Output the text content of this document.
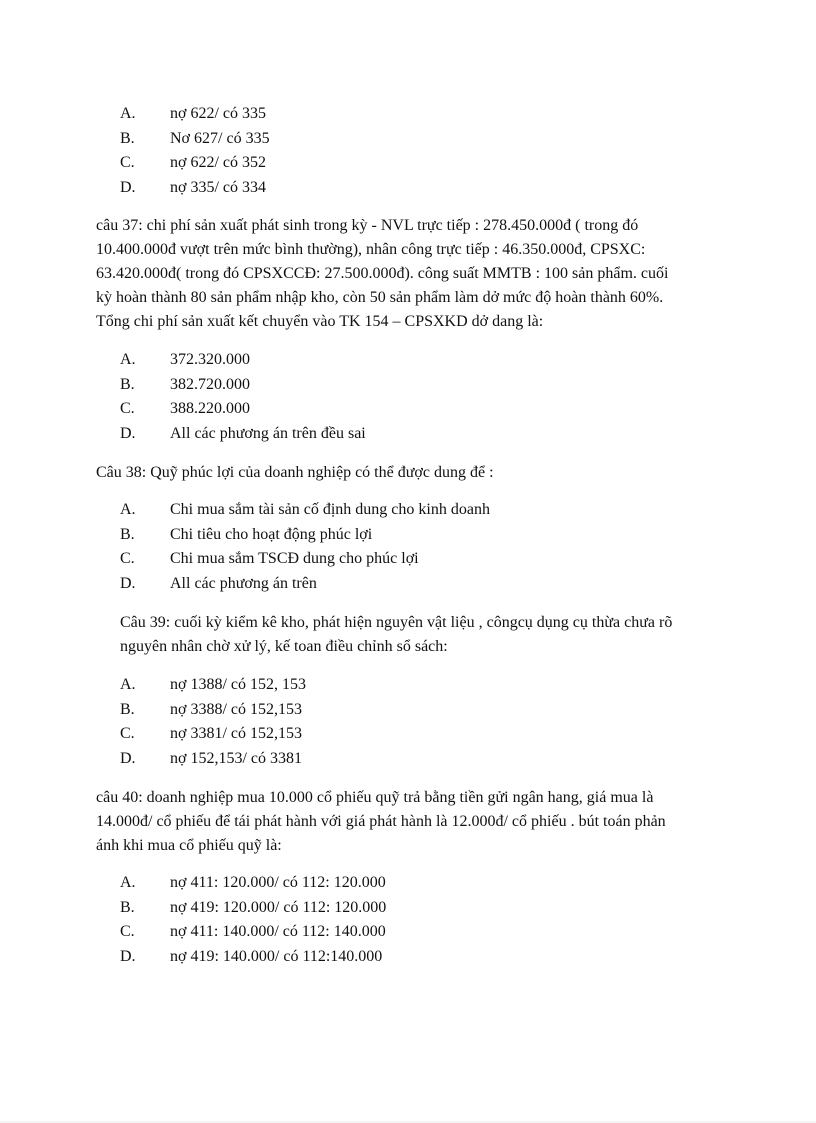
A. nợ 622/ có 335
B. Nơ 627/ có 335
C. nợ 622/ có 352
D. nợ 335/ có 334
câu 37: chi phí sản xuất phát sinh trong kỳ - NVL trực tiếp : 278.450.000đ ( trong đó
10.400.000đ vượt trên mức bình thường), nhân công trực tiếp : 46.350.000đ, CPSXC:
63.420.000đ( trong đó CPSXCCĐ: 27.500.000đ). công suất MMTB : 100 sản phẩm. cuối
kỳ hoàn thành 80 sản phẩm nhập kho, còn 50 sản phẩm làm dở mức độ hoàn thành 60%.
Tổng chi phí sản xuất kết chuyển vào TK 154 – CPSXKD dở dang là:
A. 372.320.000
B. 382.720.000
C. 388.220.000
D. All các phương án trên đều sai
Câu 38: Quỹ phúc lợi của doanh nghiệp có thể được dung để :
A. Chi mua sắm tài sản cố định dung cho kinh doanh
B. Chi tiêu cho hoạt động phúc lợi
C. Chi mua sắm TSCĐ dung cho phúc lợi
D. All các phương án trên
Câu 39: cuối kỳ kiểm kê kho, phát hiện nguyên vật liệu , côngcụ dụng cụ thừa chưa rõ
nguyên nhân chờ xử lý, kế toan điều chỉnh sổ sách:
A. nợ 1388/ có 152, 153
B. nợ 3388/ có 152,153
C. nợ 3381/ có 152,153
D. nợ 152,153/ có 3381
câu 40: doanh nghiệp mua 10.000 cổ phiếu quỹ trả bằng tiền gửi ngân hang, giá mua là
14.000đ/ cổ phiếu để tái phát hành với giá phát hành là 12.000đ/ cổ phiếu . bút toán phản
ánh khi mua cổ phiếu quỹ là:
A. nợ 411: 120.000/ có 112: 120.000
B. nợ 419: 120.000/ có 112: 120.000
C. nợ 411: 140.000/ có 112: 140.000
D. nợ 419: 140.000/ có 112:140.000
